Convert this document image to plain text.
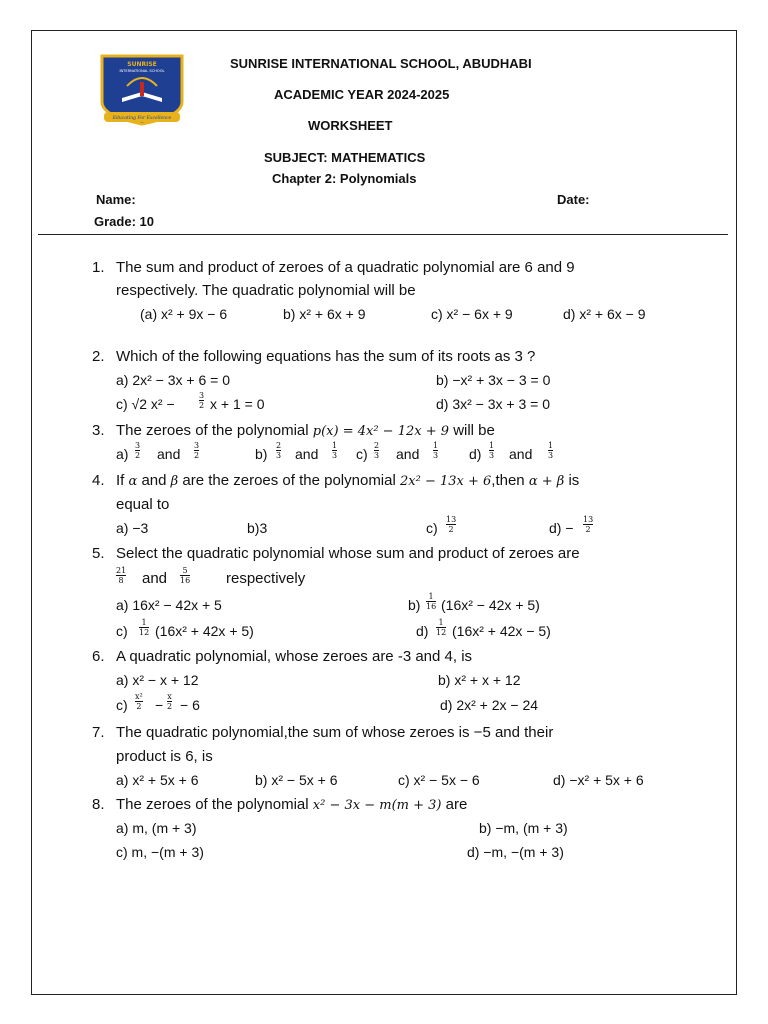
SUNRISE
INTERNATIONAL SCHOOL
Educating For Excellence
SUNRISE INTERNATIONAL SCHOOL, ABUDHABI
ACADEMIC YEAR 2024-2025
WORKSHEET
SUBJECT: MATHEMATICS
Chapter 2: Polynomials
Name:	Date:
Grade: 10
1. The sum and product of zeroes of a quadratic polynomial are 6 and 9
respectively. The quadratic polynomial will be
(a) x² + 9x − 6	b) x² + 6x + 9	c) x² − 6x + 9	d) x² + 6x − 9
2. Which of the following equations has the sum of its roots as 3 ?
a) 2x² − 3x + 6 = 0	b) −x² + 3x − 3 = 0
c) √2 x² −
3
2 x + 1 = 0	d) 3x² − 3x + 3 = 0
3. The zeroes of the polynomial p(x) = 4x² − 12x + 9 will be
a)
3
2 and
3
2	b)
2
3 and
1
3 c)
2
3 and
1
3 d)
1
3 and
1
3
4. If α and β are the zeroes of the polynomial 2x² − 13x + 6,then α + β is
equal to
a) −3	b)3	c)
13
2	d) −
13
2
5. Select the quadratic polynomial whose sum and product of zeroes are
21
8 and 5
16 respectively
a) 16x² − 42x + 5	b)
1
16 (16x² − 42x + 5)
c)
1
12 (16x² + 42x + 5)	d)
1
12 (16x² + 42x − 5)
6. A quadratic polynomial, whose zeroes are -3 and 4, is
a) x² − x + 12	b) x² + x + 12
c)
x²
2 −
x
2 − 6	d) 2x² + 2x − 24
7. The quadratic polynomial,the sum of whose zeroes is −5 and their
product is 6, is
a) x² + 5x + 6	b) x² − 5x + 6	c) x² − 5x − 6	d) −x² + 5x + 6
8. The zeroes of the polynomial x² − 3x − m(m + 3) are
a) m, (m + 3)	b) −m, (m + 3)
c) m, −(m + 3)	d) −m, −(m + 3)
